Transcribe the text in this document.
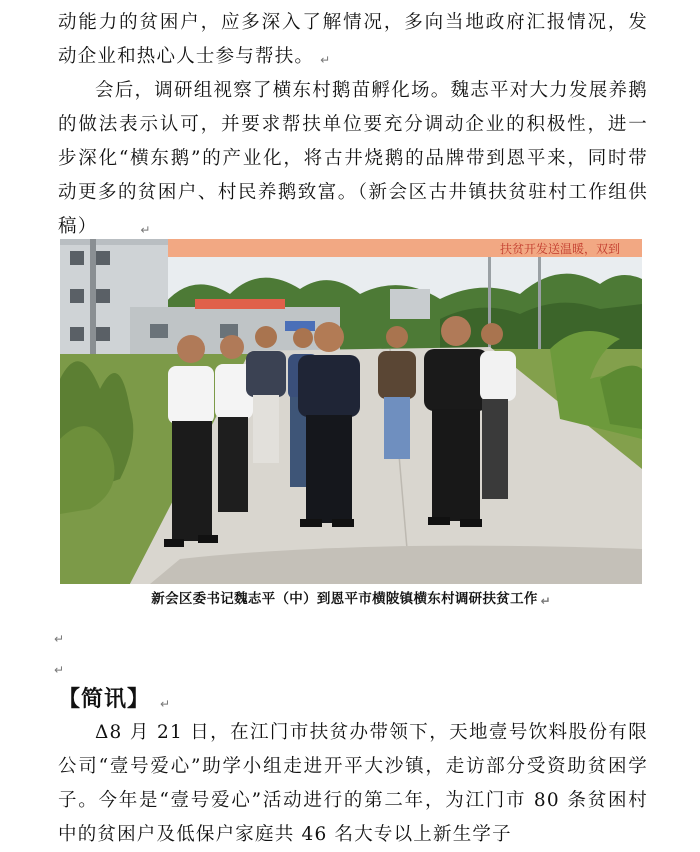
动能力的贫困户，应多深入了解情况，多向当地政府汇报情况，发动企业和热心人士参与帮扶。 ↵

会后，调研组视察了横东村鹅苗孵化场。魏志平对大力发展养鹅的做法表示认可，并要求帮扶单位要充分调动企业的积极性，进一步深化“横东鹅”的产业化，将古井烧鹅的品牌带到恩平来，同时带动更多的贫困户、村民养鹅致富。（新会区古井镇扶贫驻村工作组供稿）	↵

扶贫开发送温暖，双到
新会区委书记魏志平（中）到恩平市横陂镇横东村调研扶贫工作 ↵
↵
↵
【简讯】 ↵

Δ8 月 21 日，在江门市扶贫办带领下，天地壹号饮料股份有限公司“壹号爱心”助学小组走进开平大沙镇，走访部分受资助贫困学子。今年是“壹号爱心”活动进行的第二年，为江门市 80 条贫困村中的贫困户及低保户家庭共 46 名大专以上新生学子
